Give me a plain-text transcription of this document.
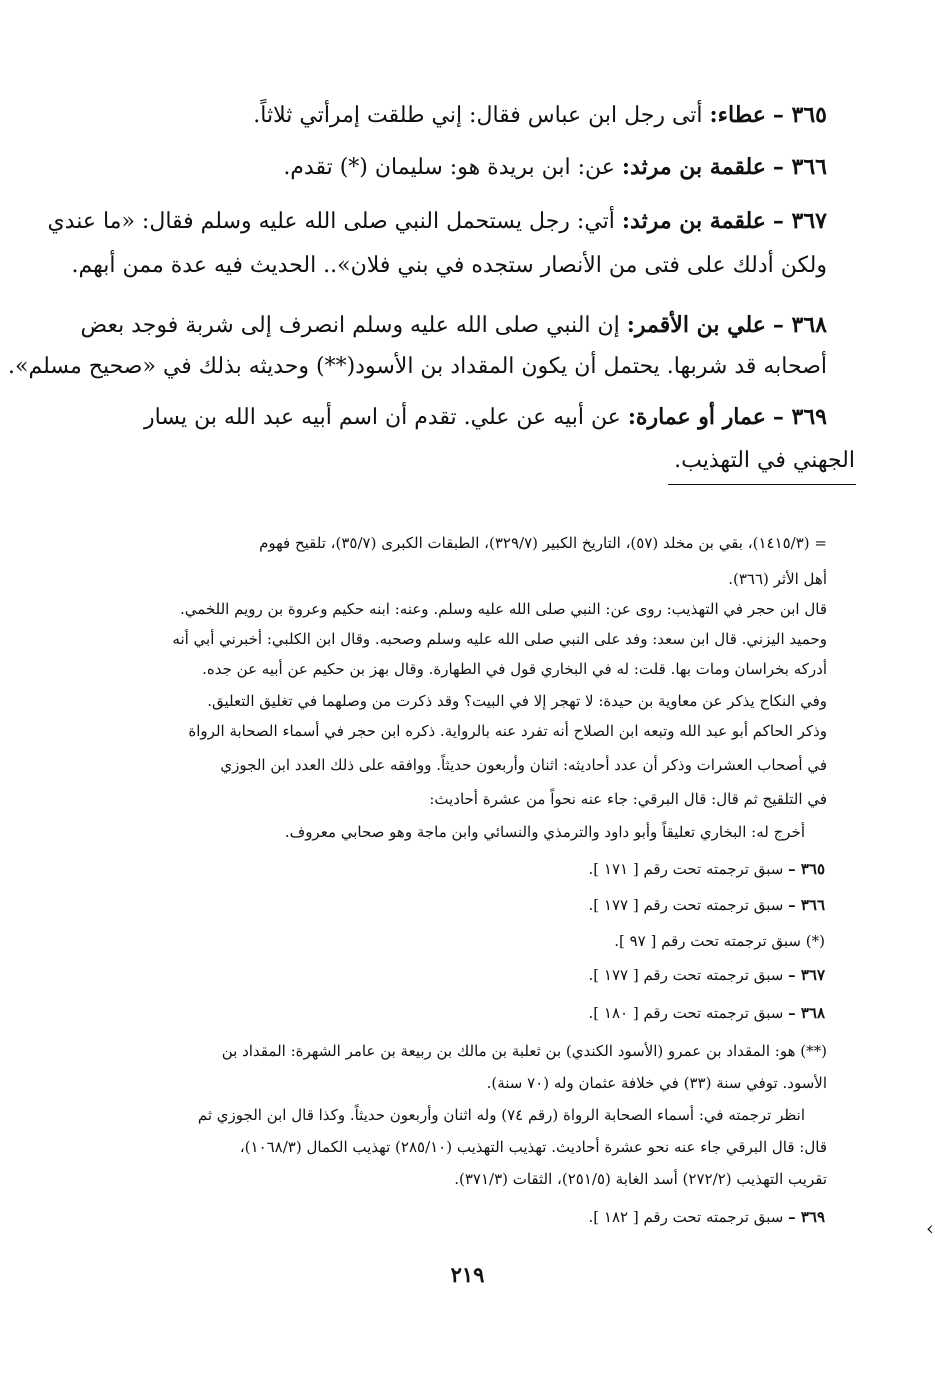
٣٦٥ – عطاء: أتى رجل ابن عباس فقال: إني طلقت إمرأتي ثلاثاً.
٣٦٦ – علقمة بن مرثد: عن: ابن بريدة هو: سليمان (*) تقدم.
٣٦٧ – علقمة بن مرثد: أتي: رجل يستحمل النبي صلى الله عليه وسلم فقال: «ما عندي
ولكن أدلك على فتى من الأنصار ستجده في بني فلان».. الحديث فيه عدة ممن أبهم.
٣٦٨ – علي بن الأقمر: إن النبي صلى الله عليه وسلم انصرف إلى شربة فوجد بعض
أصحابه قد شربها. يحتمل أن يكون المقداد بن الأسود(**) وحديثه بذلك في «صحيح مسلم».
٣٦٩ – عمار أو عمارة: عن أبيه عن علي. تقدم أن اسم أبيه عبد الله بن يسار
الجهني في التهذيب.
= (١٤١٥/٣)، بقي بن مخلد (٥٧)، التاريخ الكبير (٣٢٩/٧)، الطبقات الكبرى (٣٥/٧)، تلقيح فهوم
أهل الأثر (٣٦٦).
قال ابن حجر في التهذيب: روى عن: النبي صلى الله عليه وسلم. وعنه: ابنه حكيم وعروة بن رويم اللخمي.
وحميد اليزني. قال ابن سعد: وفد على النبي صلى الله عليه وسلم وصحبه. وقال ابن الكلبي: أخبرني أبي أنه
أدركه بخراسان ومات بها. قلت: له في البخاري قول في الطهارة. وقال بهز بن حكيم عن أبيه عن جده.
وفي النكاح يذكر عن معاوية بن حيدة: لا تهجر إلا في البيت؟ وقد ذكرت من وصلهما في تغليق التعليق.
وذكر الحاكم أبو عبد الله وتبعه ابن الصلاح أنه تفرد عنه بالرواية. ذكره ابن حجر في أسماء الصحابة الرواة
في أصحاب العشرات وذكر أن عدد أحاديثه: اثنان وأربعون حديثاً. ووافقه على ذلك العدد ابن الجوزي
في التلقيح ثم قال: قال البرقي: جاء عنه نحواً من عشرة أحاديث:
أخرج له: البخاري تعليقاً وأبو داود والترمذي والنسائي وابن ماجة وهو صحابي معروف.
٣٦٥ – سبق ترجمته تحت رقم [ ١٧١ ].
٣٦٦ – سبق ترجمته تحت رقم [ ١٧٧ ].
(*) سبق ترجمته تحت رقم [ ٩٧ ].
٣٦٧ – سبق ترجمته تحت رقم [ ١٧٧ ].
٣٦٨ – سبق ترجمته تحت رقم [ ١٨٠ ].
(**) هو: المقداد بن عمرو (الأسود الكندي) بن ثعلبة بن مالك بن ربيعة بن عامر الشهرة: المقداد بن
الأسود. توفي سنة (٣٣) في خلافة عثمان وله (٧٠ سنة).
انظر ترجمته في: أسماء الصحابة الرواة (رقم ٧٤) وله اثنان وأربعون حديثاً. وكذا قال ابن الجوزي ثم
قال: قال البرقي جاء عنه نحو عشرة أحاديث. تهذيب التهذيب (٢٨٥/١٠) تهذيب الكمال (١٠٦٨/٣)،
تقريب التهذيب (٢٧٢/٢) أسد الغابة (٢٥١/٥)، الثقات (٣٧١/٣).
٣٦٩ – سبق ترجمته تحت رقم [ ١٨٢ ].
٢١٩
‹
